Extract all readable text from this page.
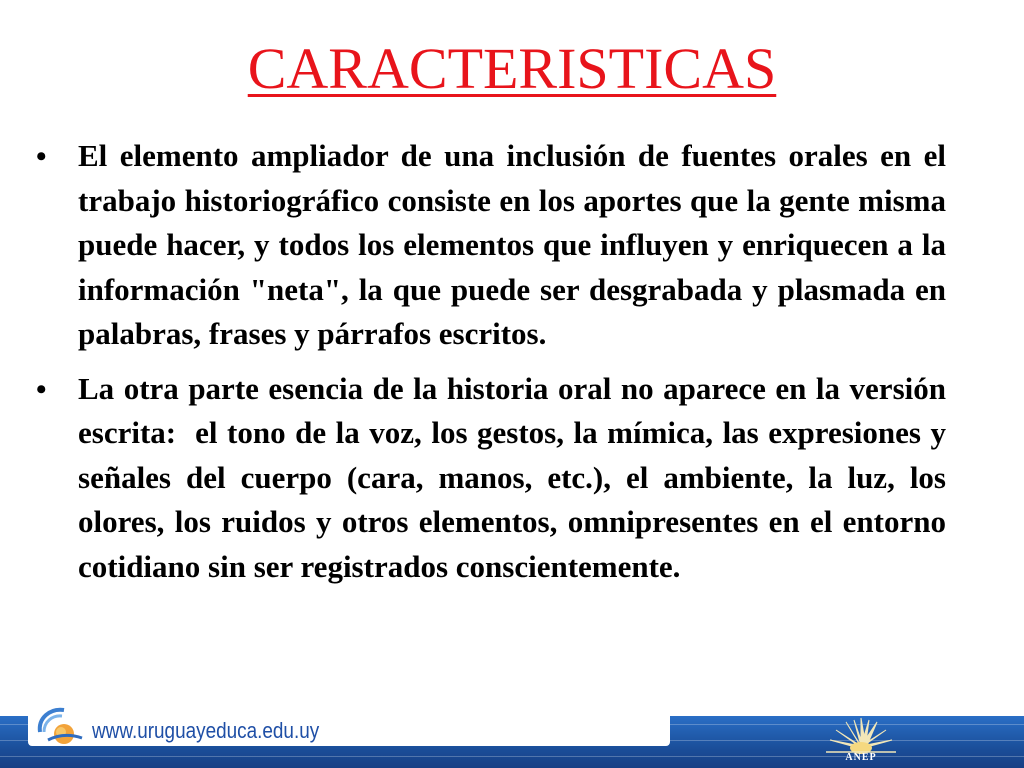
CARACTERISTICAS
•	El elemento ampliador de una inclusión de fuentes orales en el trabajo historiográfico consiste en los aportes que la gente misma puede hacer, y todos los elementos que influyen y enriquecen a la información "neta", la que puede ser desgrabada y plasmada en palabras, frases y párrafos escritos.
•	La otra parte esencia de la historia oral no aparece en la versión escrita:  el tono de la voz, los gestos, la mímica, las expresiones y señales del cuerpo (cara, manos, etc.), el ambiente, la luz, los olores, los ruidos y otros elementos, omnipresentes en el entorno cotidiano sin ser registrados conscientemente.
www.uruguayeduca.edu.uy
ANEP
